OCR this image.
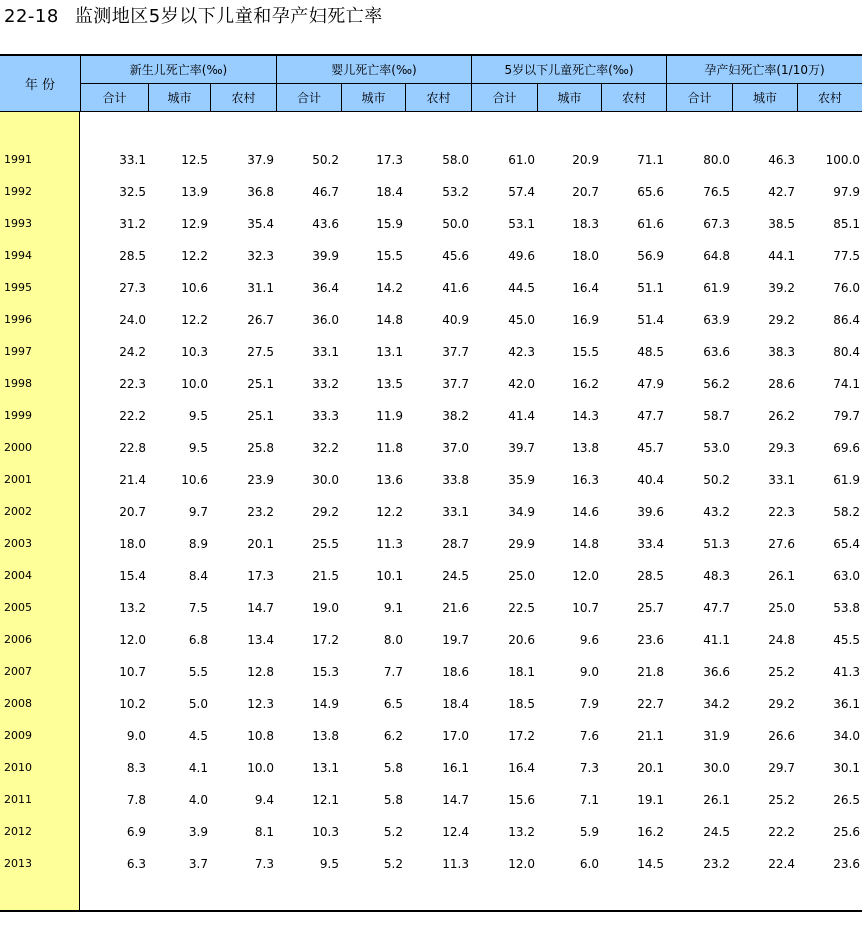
22-18 监测地区5岁以下儿童和孕产妇死亡率
年 份
新生儿死亡率(‰)	婴儿死亡率(‰)	5岁以下儿童死亡率(‰)	孕产妇死亡率(1/10万)
合计	城市	农村	合计	城市	农村	合计	城市	农村	合计	城市	农村
1991	33.1	12.5	37.9	50.2	17.3	58.0	61.0	20.9	71.1	80.0	46.3	100.0
1992	32.5	13.9	36.8	46.7	18.4	53.2	57.4	20.7	65.6	76.5	42.7	97.9
1993	31.2	12.9	35.4	43.6	15.9	50.0	53.1	18.3	61.6	67.3	38.5	85.1
1994	28.5	12.2	32.3	39.9	15.5	45.6	49.6	18.0	56.9	64.8	44.1	77.5
1995	27.3	10.6	31.1	36.4	14.2	41.6	44.5	16.4	51.1	61.9	39.2	76.0
1996	24.0	12.2	26.7	36.0	14.8	40.9	45.0	16.9	51.4	63.9	29.2	86.4
1997	24.2	10.3	27.5	33.1	13.1	37.7	42.3	15.5	48.5	63.6	38.3	80.4
1998	22.3	10.0	25.1	33.2	13.5	37.7	42.0	16.2	47.9	56.2	28.6	74.1
1999	22.2	9.5	25.1	33.3	11.9	38.2	41.4	14.3	47.7	58.7	26.2	79.7
2000	22.8	9.5	25.8	32.2	11.8	37.0	39.7	13.8	45.7	53.0	29.3	69.6
2001	21.4	10.6	23.9	30.0	13.6	33.8	35.9	16.3	40.4	50.2	33.1	61.9
2002	20.7	9.7	23.2	29.2	12.2	33.1	34.9	14.6	39.6	43.2	22.3	58.2
2003	18.0	8.9	20.1	25.5	11.3	28.7	29.9	14.8	33.4	51.3	27.6	65.4
2004	15.4	8.4	17.3	21.5	10.1	24.5	25.0	12.0	28.5	48.3	26.1	63.0
2005	13.2	7.5	14.7	19.0	9.1	21.6	22.5	10.7	25.7	47.7	25.0	53.8
2006	12.0	6.8	13.4	17.2	8.0	19.7	20.6	9.6	23.6	41.1	24.8	45.5
2007	10.7	5.5	12.8	15.3	7.7	18.6	18.1	9.0	21.8	36.6	25.2	41.3
2008	10.2	5.0	12.3	14.9	6.5	18.4	18.5	7.9	22.7	34.2	29.2	36.1
2009	9.0	4.5	10.8	13.8	6.2	17.0	17.2	7.6	21.1	31.9	26.6	34.0
2010	8.3	4.1	10.0	13.1	5.8	16.1	16.4	7.3	20.1	30.0	29.7	30.1
2011	7.8	4.0	9.4	12.1	5.8	14.7	15.6	7.1	19.1	26.1	25.2	26.5
2012	6.9	3.9	8.1	10.3	5.2	12.4	13.2	5.9	16.2	24.5	22.2	25.6
2013	6.3	3.7	7.3	9.5	5.2	11.3	12.0	6.0	14.5	23.2	22.4	23.6
